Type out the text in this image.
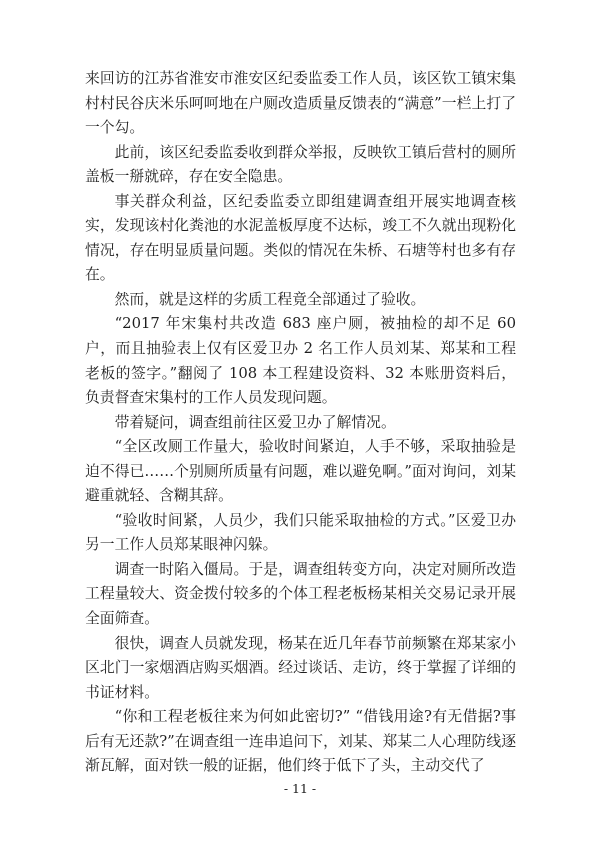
来回访的江苏省淮安市淮安区纪委监委工作人员，该区钦工镇宋集村村民谷庆米乐呵呵地在户厕改造质量反馈表的“满意”一栏上打了一个勾。

此前，该区纪委监委收到群众举报，反映钦工镇后营村的厕所盖板一掰就碎，存在安全隐患。

事关群众利益，区纪委监委立即组建调查组开展实地调查核实，发现该村化粪池的水泥盖板厚度不达标，竣工不久就出现粉化情况，存在明显质量问题。类似的情况在朱桥、石塘等村也多有存在。

然而，就是这样的劣质工程竟全部通过了验收。

“2017 年宋集村共改造 683 座户厕，被抽检的却不足 60 户，而且抽验表上仅有区爱卫办 2 名工作人员刘某、郑某和工程老板的签字。”翻阅了 108 本工程建设资料、32 本账册资料后，负责督查宋集村的工作人员发现问题。

带着疑问，调查组前往区爱卫办了解情况。

“全区改厕工作量大，验收时间紧迫，人手不够，采取抽验是迫不得已……个别厕所质量有问题，难以避免啊。”面对询问，刘某避重就轻、含糊其辞。

“验收时间紧，人员少，我们只能采取抽检的方式。”区爱卫办另一工作人员郑某眼神闪躲。

调查一时陷入僵局。于是，调查组转变方向，决定对厕所改造工程量较大、资金拨付较多的个体工程老板杨某相关交易记录开展全面筛查。

很快，调查人员就发现，杨某在近几年春节前频繁在郑某家小区北门一家烟酒店购买烟酒。经过谈话、走访，终于掌握了详细的书证材料。

“你和工程老板往来为何如此密切?” “借钱用途?有无借据?事后有无还款?”在调查组一连串追问下，刘某、郑某二人心理防线逐渐瓦解，面对铁一般的证据，他们终于低下了头，主动交代了

- 11 -
